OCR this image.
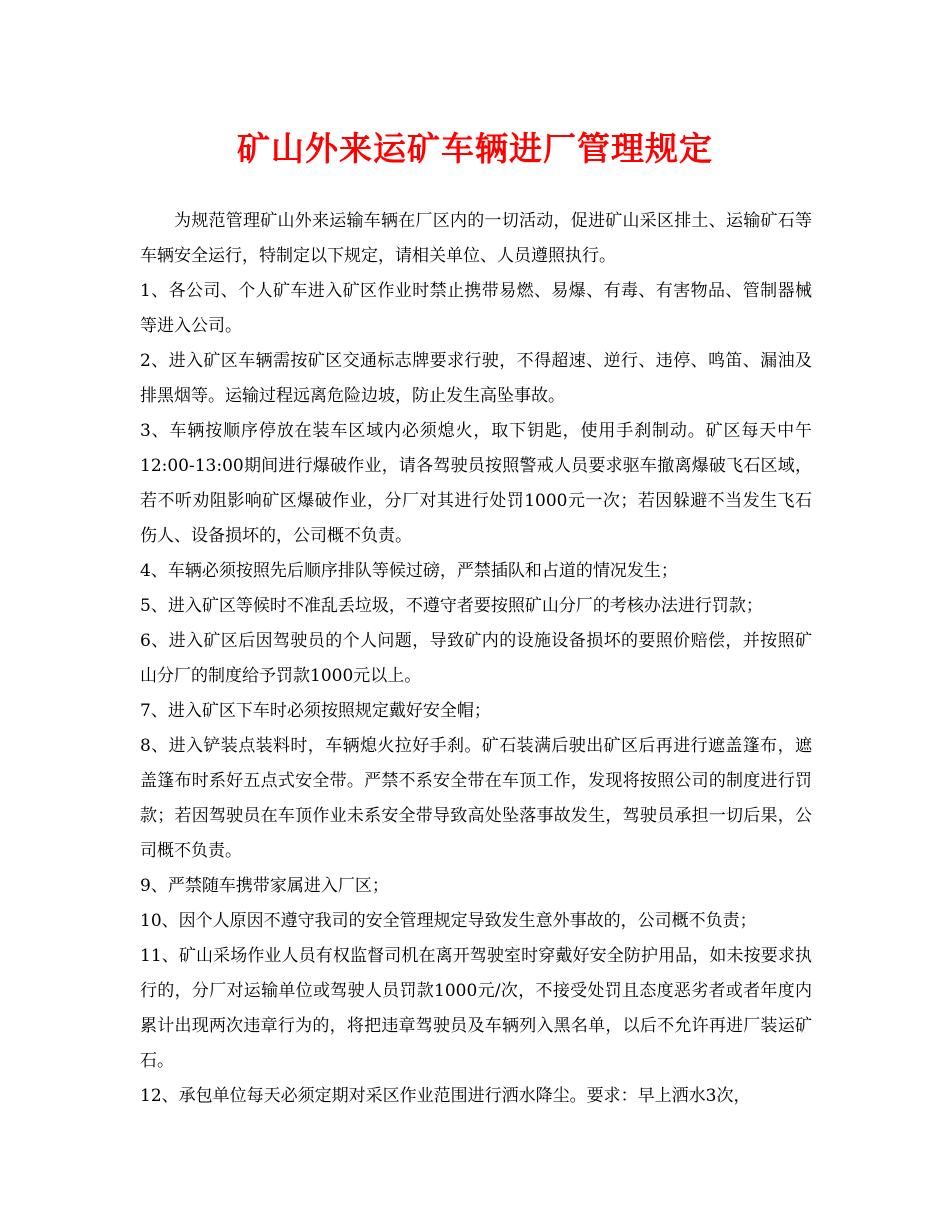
矿山外来运矿车辆进厂管理规定

为规范管理矿山外来运输车辆在厂区内的一切活动，促进矿山采区排土、运输矿石等车辆安全运行，特制定以下规定，请相关单位、人员遵照执行。

1、各公司、个人矿车进入矿区作业时禁止携带易燃、易爆、有毒、有害物品、管制器械等进入公司。

2、进入矿区车辆需按矿区交通标志牌要求行驶，不得超速、逆行、违停、鸣笛、漏油及排黑烟等。运输过程远离危险边坡，防止发生高坠事故。

3、车辆按顺序停放在装车区域内必须熄火，取下钥匙，使用手刹制动。矿区每天中午12:00-13:00期间进行爆破作业，请各驾驶员按照警戒人员要求驱车撤离爆破飞石区域，若不听劝阻影响矿区爆破作业，分厂对其进行处罚1000元一次；若因躲避不当发生飞石伤人、设备损坏的，公司概不负责。

4、车辆必须按照先后顺序排队等候过磅，严禁插队和占道的情况发生；

5、进入矿区等候时不准乱丢垃圾，不遵守者要按照矿山分厂的考核办法进行罚款；

6、进入矿区后因驾驶员的个人问题，导致矿内的设施设备损坏的要照价赔偿，并按照矿山分厂的制度给予罚款1000元以上。

7、进入矿区下车时必须按照规定戴好安全帽；

8、进入铲装点装料时，车辆熄火拉好手刹。矿石装满后驶出矿区后再进行遮盖篷布，遮盖篷布时系好五点式安全带。严禁不系安全带在车顶工作，发现将按照公司的制度进行罚款；若因驾驶员在车顶作业未系安全带导致高处坠落事故发生，驾驶员承担一切后果，公司概不负责。

9、严禁随车携带家属进入厂区；

10、因个人原因不遵守我司的安全管理规定导致发生意外事故的，公司概不负责；

11、矿山采场作业人员有权监督司机在离开驾驶室时穿戴好安全防护用品，如未按要求执行的，分厂对运输单位或驾驶人员罚款1000元/次，不接受处罚且态度恶劣者或者年度内累计出现两次违章行为的，将把违章驾驶员及车辆列入黑名单，以后不允许再进厂装运矿石。

12、承包单位每天必须定期对采区作业范围进行洒水降尘。要求：早上洒水3次，
